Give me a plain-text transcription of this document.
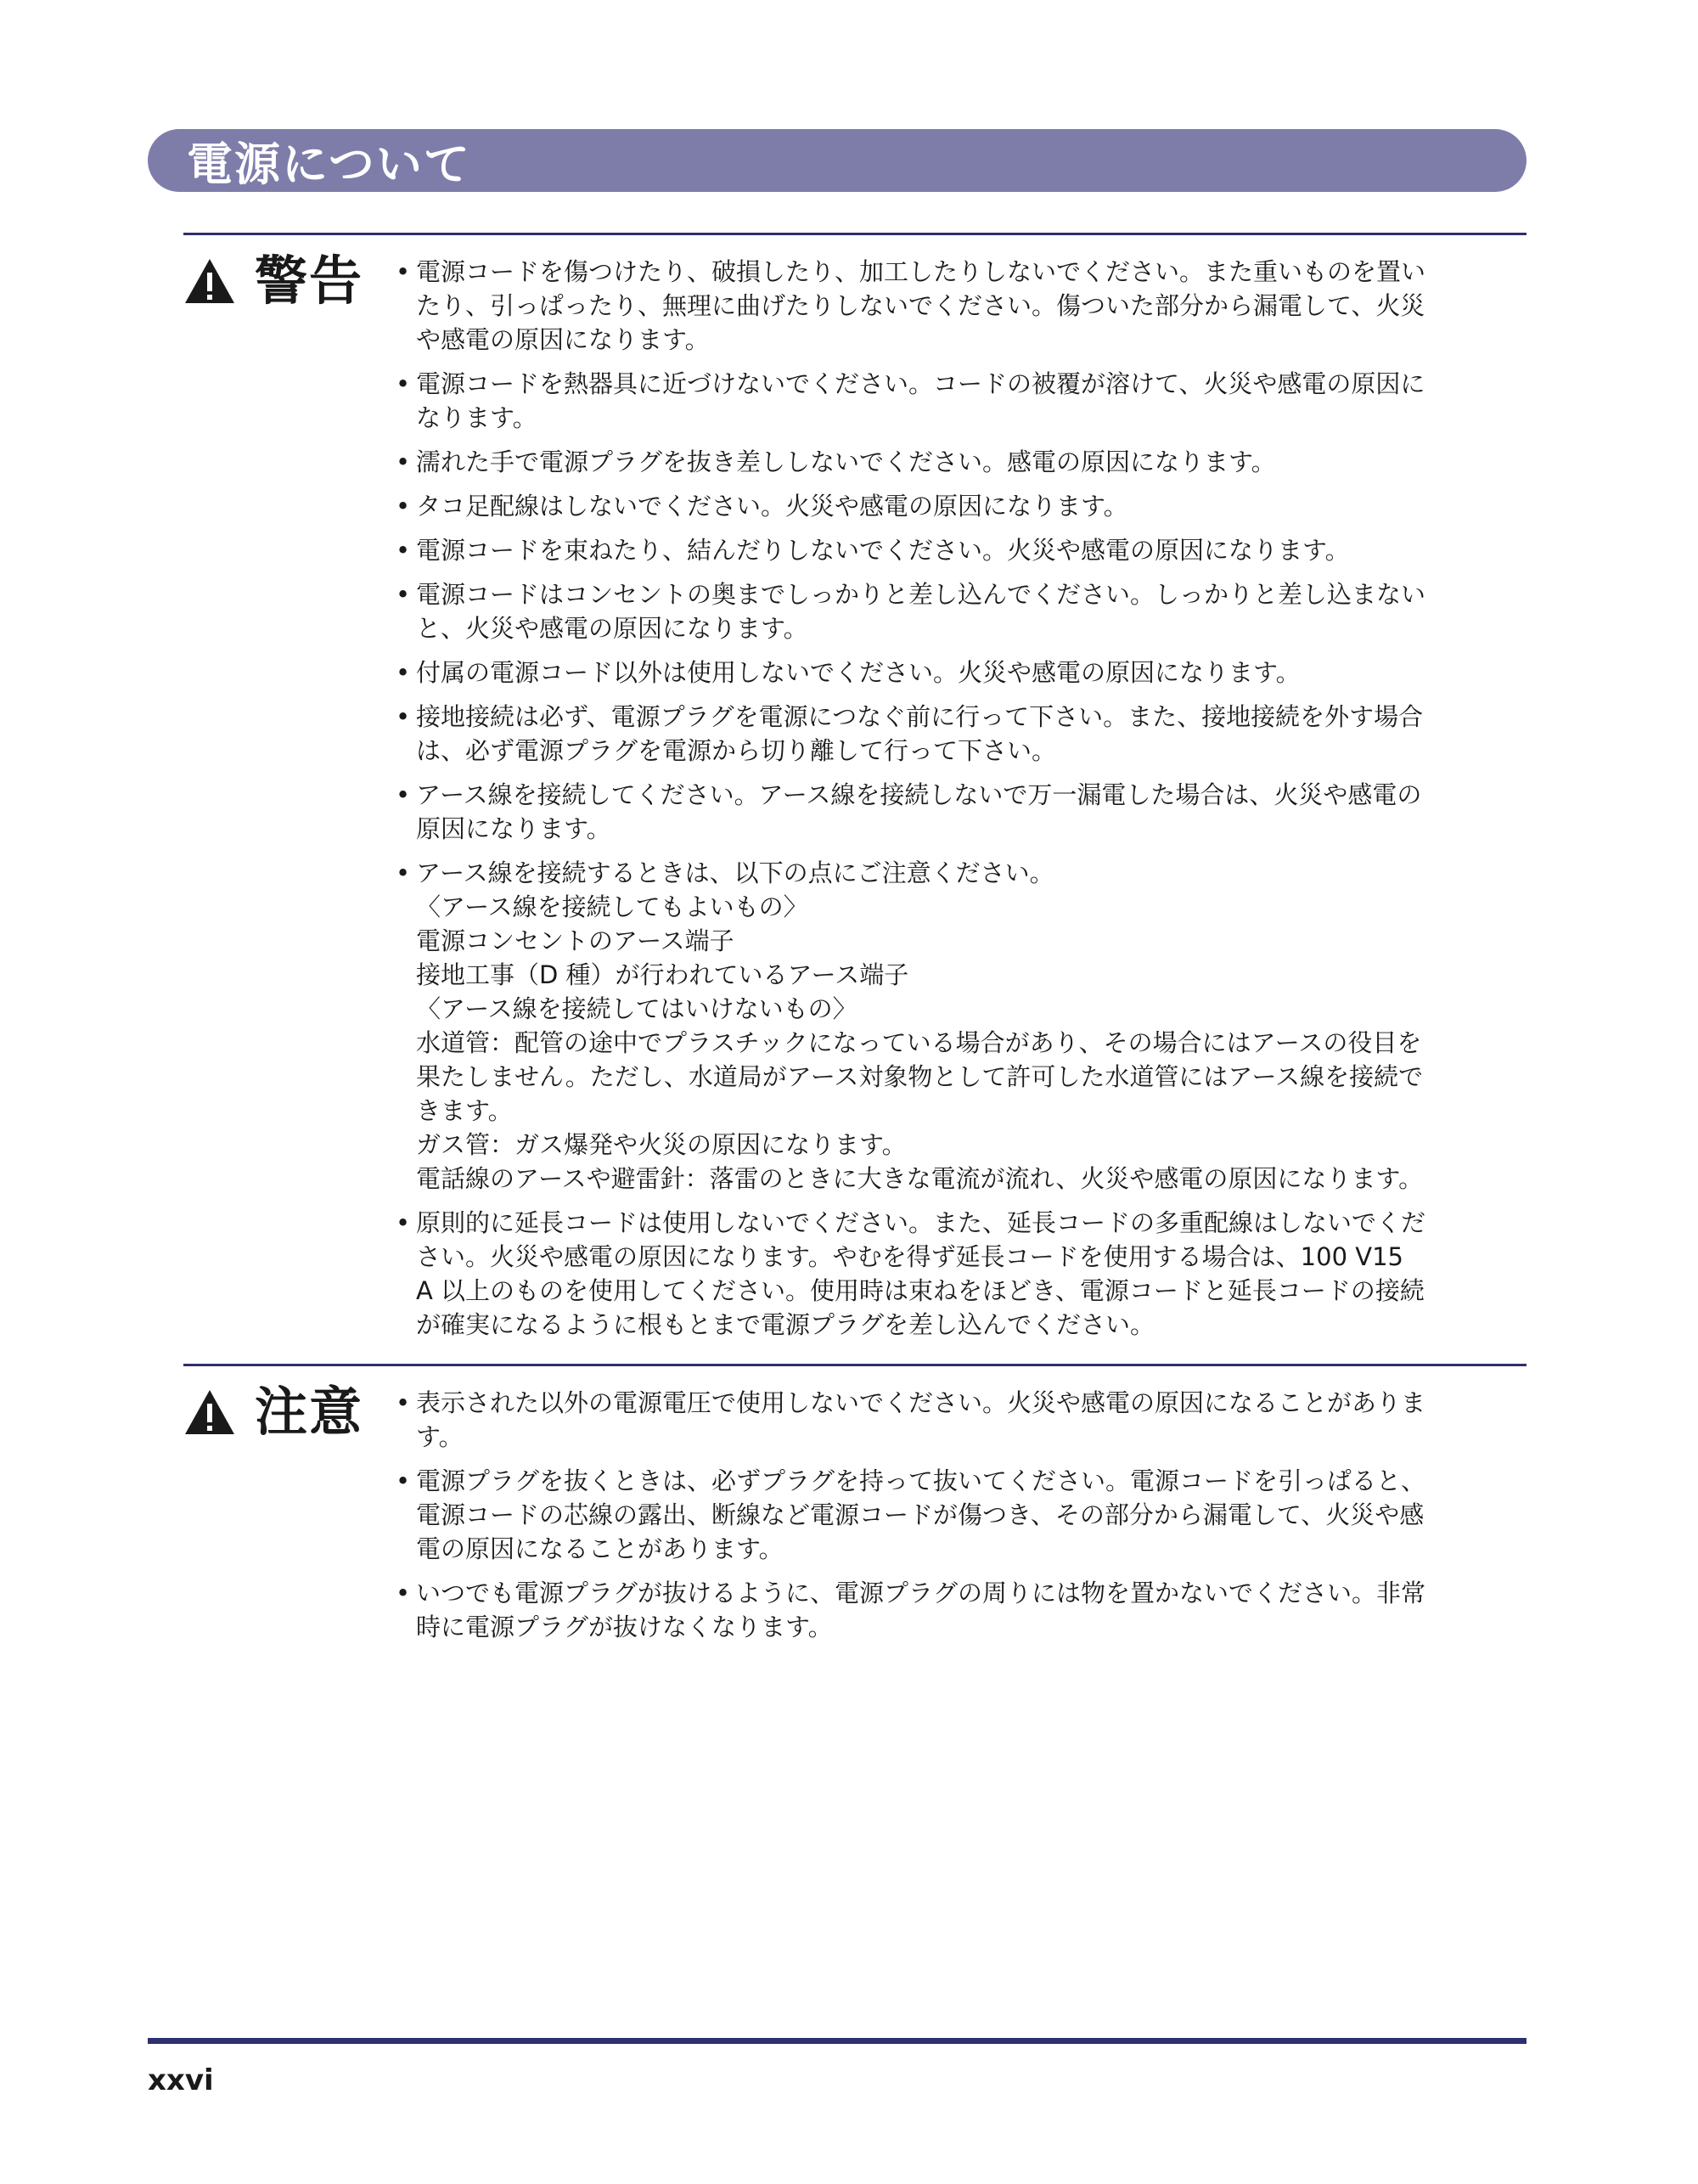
電源について
警告 • 電源コードを傷つけたり、破損したり、加工したりしないでください。また重いものを置い
たり、引っぱったり、無理に曲げたりしないでください。傷ついた部分から漏電して、火災
や感電の原因になります。
• 電源コードを熱器具に近づけないでください。コードの被覆が溶けて、火災や感電の原因に
なります。
• 濡れた手で電源プラグを抜き差ししないでください。感電の原因になります。
• タコ足配線はしないでください。火災や感電の原因になります。
• 電源コードを束ねたり、結んだりしないでください。火災や感電の原因になります。
• 電源コードはコンセントの奥までしっかりと差し込んでください。しっかりと差し込まない
と、火災や感電の原因になります。
• 付属の電源コード以外は使用しないでください。火災や感電の原因になります。
• 接地接続は必ず、電源プラグを電源につなぐ前に行って下さい。また、接地接続を外す場合
は、必ず電源プラグを電源から切り離して行って下さい。
• アース線を接続してください。アース線を接続しないで万一漏電した場合は、火災や感電の
原因になります。
• アース線を接続するときは、以下の点にご注意ください。
〈アース線を接続してもよいもの〉
電源コンセントのアース端子
接地工事（D 種）が行われているアース端子
〈アース線を接続してはいけないもの〉
水道管：配管の途中でプラスチックになっている場合があり、その場合にはアースの役目を
果たしません。ただし、水道局がアース対象物として許可した水道管にはアース線を接続で
きます。
ガス管：ガス爆発や火災の原因になります。
電話線のアースや避雷針：落雷のときに大きな電流が流れ、火災や感電の原因になります。
• 原則的に延長コードは使用しないでください。また、延長コードの多重配線はしないでくだ
さい。火災や感電の原因になります。やむを得ず延長コードを使用する場合は、100 V15
A 以上のものを使用してください。使用時は束ねをほどき、電源コードと延長コードの接続
が確実になるように根もとまで電源プラグを差し込んでください。
注意 • 表示された以外の電源電圧で使用しないでください。火災や感電の原因になることがありま
す。
• 電源プラグを抜くときは、必ずプラグを持って抜いてください。電源コードを引っぱると、
電源コードの芯線の露出、断線など電源コードが傷つき、その部分から漏電して、火災や感
電の原因になることがあります。
• いつでも電源プラグが抜けるように、電源プラグの周りには物を置かないでください。非常
時に電源プラグが抜けなくなります。
xxvi
